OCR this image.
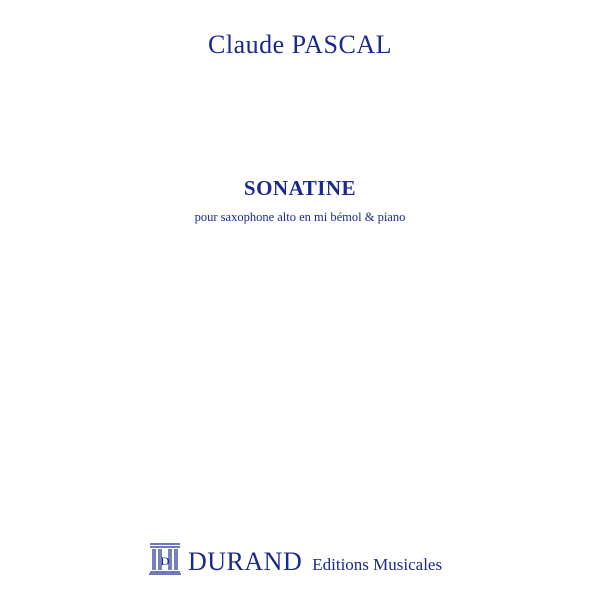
Claude PASCAL
SONATINE
pour saxophone alto en mi bémol & piano
D DURAND Editions Musicales
